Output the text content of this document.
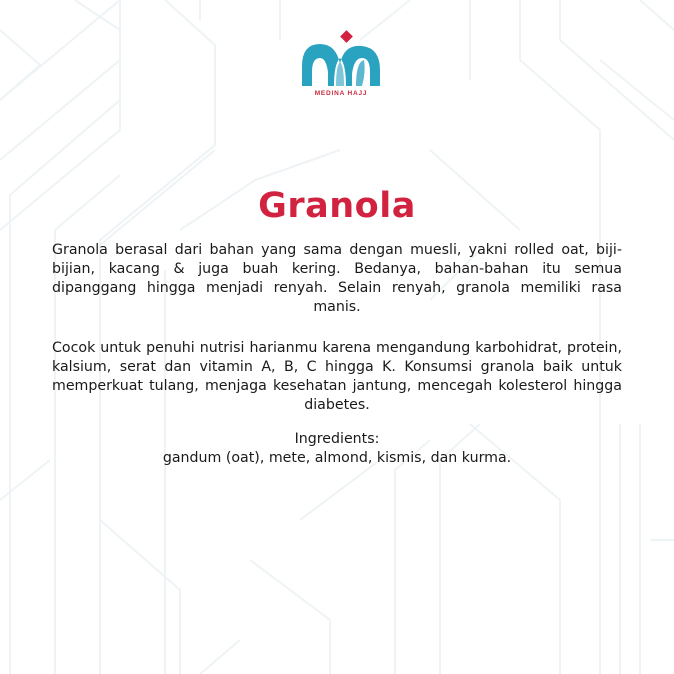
MEDINA HAJJ
Granola
Granola berasal dari bahan yang sama dengan muesli, yakni rolled oat, biji-bijian, kacang & juga buah kering. Bedanya, bahan-bahan itu semua dipanggang hingga menjadi renyah. Selain renyah, granola memiliki rasa manis.
Cocok untuk penuhi nutrisi harianmu karena mengandung karbohidrat, protein, kalsium, serat dan vitamin A, B, C hingga K. Konsumsi granola baik untuk memperkuat tulang, menjaga kesehatan jantung, mencegah kolesterol hingga diabetes.
Ingredients:
gandum (oat), mete, almond, kismis, dan kurma.
